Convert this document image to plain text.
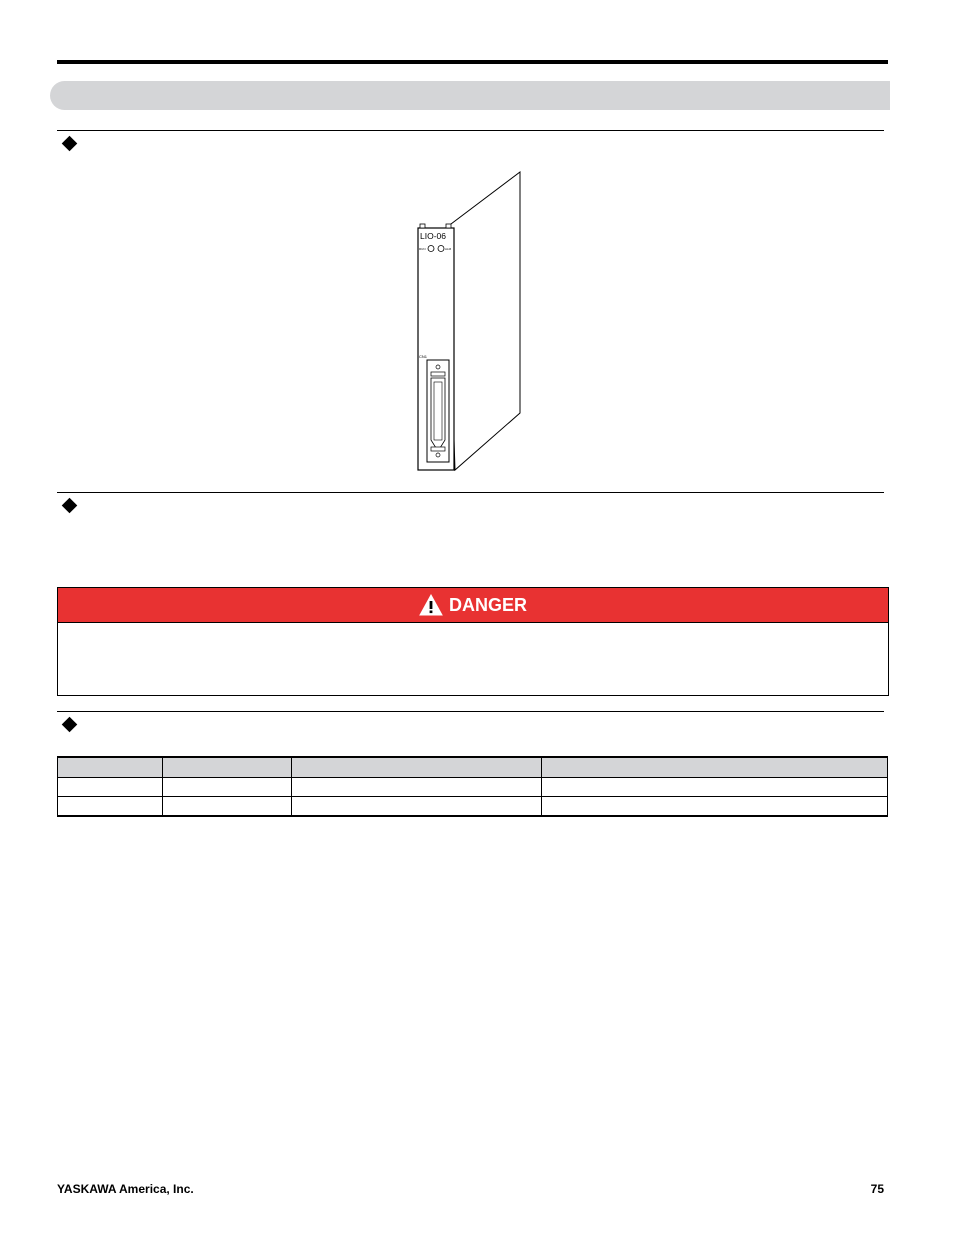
LIO-06
RUN	ALM
CN1
DANGER

YASKAWA America, Inc.	75
